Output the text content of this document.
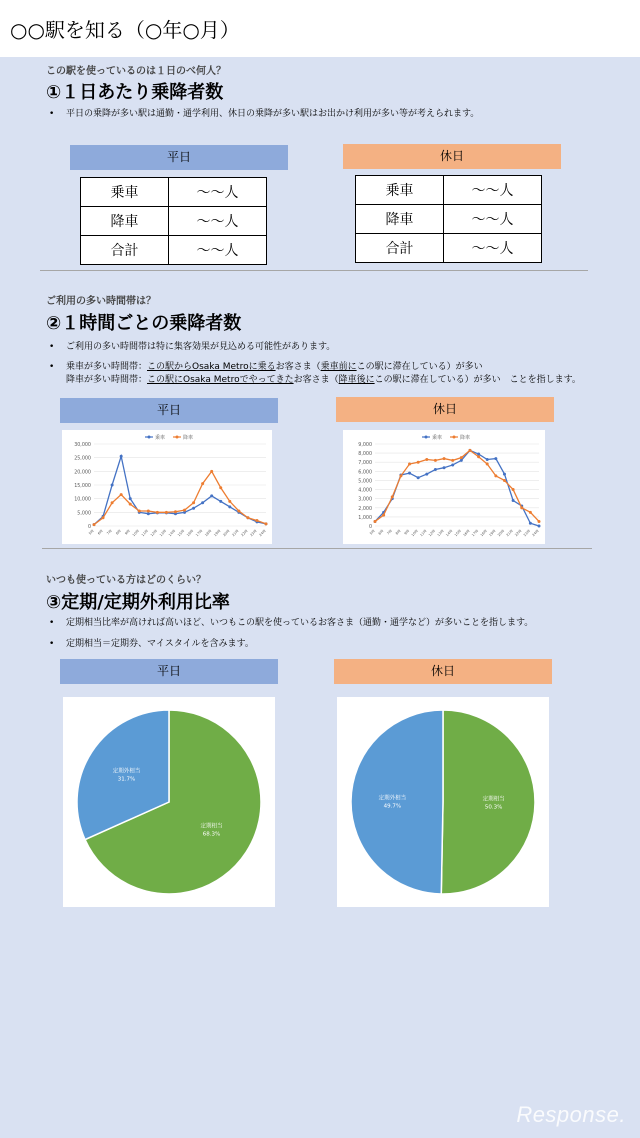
○○駅を知る（○年○月）
この駅を使っているのは１日のべ何人？
①１日あたり乗降者数
• 平日の乗降が多い駅は通勤・通学利用、休日の乗降が多い駅はお出かけ利用が多い等が考えられます。
平日
乗車	〜〜人
降車	〜〜人
合計	〜〜人
休日
乗車	〜〜人
降車	〜〜人
合計	〜〜人
ご利用の多い時間帯は？
②１時間ごとの乗降者数
• ご利用の多い時間帯は特に集客効果が見込める可能性があります。
• 乗車が多い時間帯：この駅からOsaka Metroに乗るお客さま（乗車前にこの駅に滞在している）が多い
降車が多い時間帯：この駅にOsaka Metroでやってきたお客さま（降車後にこの駅に滞在している）が多い　ことを指します。
平日
0
5,000
10,000
15,000
20,000
25,000
30,000
5時 6時 7時 8時 9時 10時 11時 12時 13時 14時 15時 16時 17時 18時 19時 20時 21時 22時 23時 24時
乗車	降車
休日
0
1,000
2,000
3,000
4,000
5,000
6,000
7,000
8,000
9,000
5時 6時 7時 8時 9時 10時 11時 12時 13時 14時 15時 16時 17時 18時 19時 20時 21時 22時 23時 24時
乗車	降車
いつも使っている方はどのくらい？
③定期/定期外利用比率
• 定期相当比率が高ければ高いほど、いつもこの駅を使っているお客さま（通勤・通学など）が多いことを指します。
• 定期相当＝定期券、マイスタイルを含みます。
平日
定期相当
68.3%
定期外相当
31.7%
休日
定期相当
50.3%
定期外相当
49.7%
Response.
